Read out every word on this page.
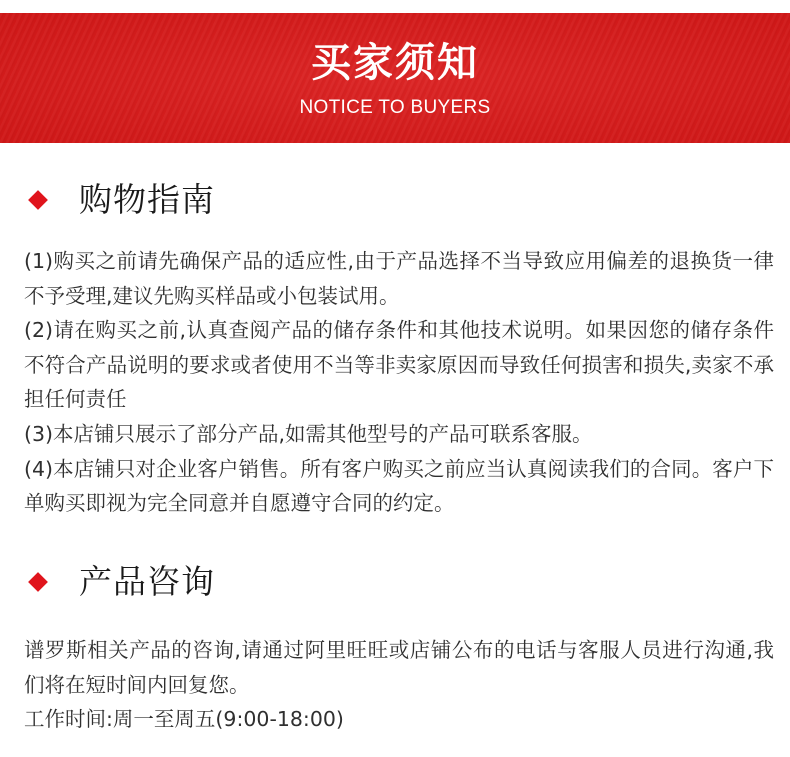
买家须知
NOTICE TO BUYERS
购物指南

(1)购买之前请先确保产品的适应性,由于产品选择不当导致应用偏差的退换货一律不予受理,建议先购买样品或小包装试用。

(2)请在购买之前,认真查阅产品的储存条件和其他技术说明。如果因您的储存条件不符合产品说明的要求或者使用不当等非卖家原因而导致任何损害和损失,卖家不承担任何责任

(3)本店铺只展示了部分产品,如需其他型号的产品可联系客服。

(4)本店铺只对企业客户销售。所有客户购买之前应当认真阅读我们的合同。客户下单购买即视为完全同意并自愿遵守合同的约定。

产品咨询

谱罗斯相关产品的咨询,请通过阿里旺旺或店铺公布的电话与客服人员进行沟通,我们将在短时间内回复您。

工作时间:周一至周五(9:00-18:00)
